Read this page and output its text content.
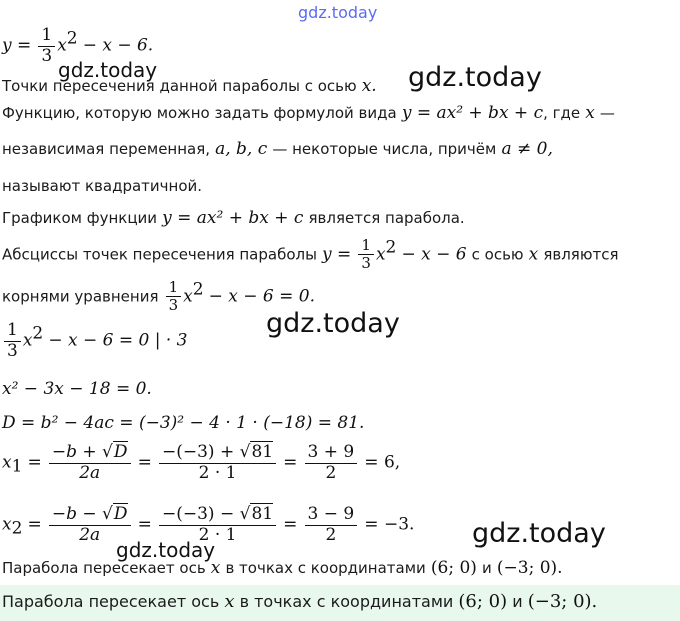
gdz.today
$y = \frac{1}{3} x^2 - x - 6$.
gdz.today
Точки пересечения данной параболы с осью x. gdz.today
Функцию, которую можно задать формулой вида y = ax² + bx + c, где x —
независимая переменная, a, b, c — некоторые числа, причём a ≠ 0,
называют квадратичной.
Графиком функции y = ax² + bx + c является парабола.
Абсциссы точек пересечения параболы $y = \frac{1}{3} x^2 - x - 6$ с осью x являются
корнями уравнения $\frac{1}{3} x^2 - x - 6 = 0$.
gdz.today
$\frac{1}{3} x^2 - x - 6 = 0$ | · 3
x² − 3x − 18 = 0.
D = b² − 4ac = (−3)² − 4 · 1 · (−18) = 81.
$x_1 = \frac{-b + √D}{2a} = \frac{-(-3) + √81}{2 \cdot 1} = \frac{3 + 9}{2} = 6$,
$x_2 = \frac{-b - √D}{2a} = \frac{-(-3) - √81}{2 \cdot 1} = \frac{3 - 9}{2} = -3$. gdz.today
gdz.today
Парабола пересекает ось x в точках с координатами (6; 0) и (−3; 0).
Парабола пересекает ось x в точках с координатами (6; 0) и (−3; 0).
